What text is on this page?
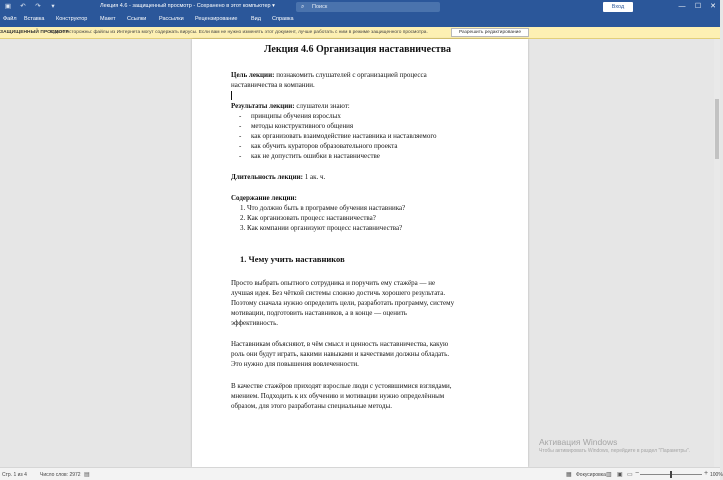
▣ ↶ ↷	▾	Лекция 4.6 - защищенный просмотр - Сохранено в этот компьютер ▾	⌕ Поиск	Вход	—	☐	✕
Файл Вставка Конструктор Макет Ссылки Рассылки Рецензирование Вид Справка
ЗАЩИЩЕННЫЙ ПРОСМОТР
Будьте осторожны: файлы из Интернета могут содержать вирусы. Если вам не нужно изменять этот документ, лучше работать с ним в режиме защищенного просмотра.	Разрешить редактирование
Лекция 4.6 Организация наставничества
Цель лекции: познакомить слушателей с организацией процесса
наставничества в компании.
Результаты лекции: слушатели знают:
- принципы обучения взрослых
- методы конструктивного общения
- как организовать взаимодействие наставника и наставляемого
- как обучить кураторов образовательного проекта
- как не допустить ошибки в наставничестве
Длительность лекции: 1 ак. ч.
Содержание лекции:
1. Что должно быть в программе обучения наставника?
2. Как организовать процесс наставничества?
3. Как компании организуют процесс наставничества?
1. Чему учить наставников
Просто выбрать опытного сотрудника и поручить ему стажёра — не
лучшая идея. Без чёткой системы сложно достичь хорошего результата.
Поэтому сначала нужно определить цели, разработать программу, систему
мотивации, подготовить наставников, а в конце — оценить
эффективность.
Наставникам объясняют, в чём смысл и ценность наставничества, какую
роль они будут играть, какими навыками и качествами должны обладать.
Это нужно для повышения вовлеченности.
В качестве стажёров приходят взрослые люди с устоявшимися взглядами,
мнением. Подходить к их обучению и мотивации нужно определённым
образом, для этого разработаны специальные методы.
Активация Windows
Чтобы активировать Windows, перейдите в раздел "Параметры".
Стр. 1 из 4	Число слов: 2972 ▤	▦ Фокусировка ▥ ▣ ▭ −	+ 100%
